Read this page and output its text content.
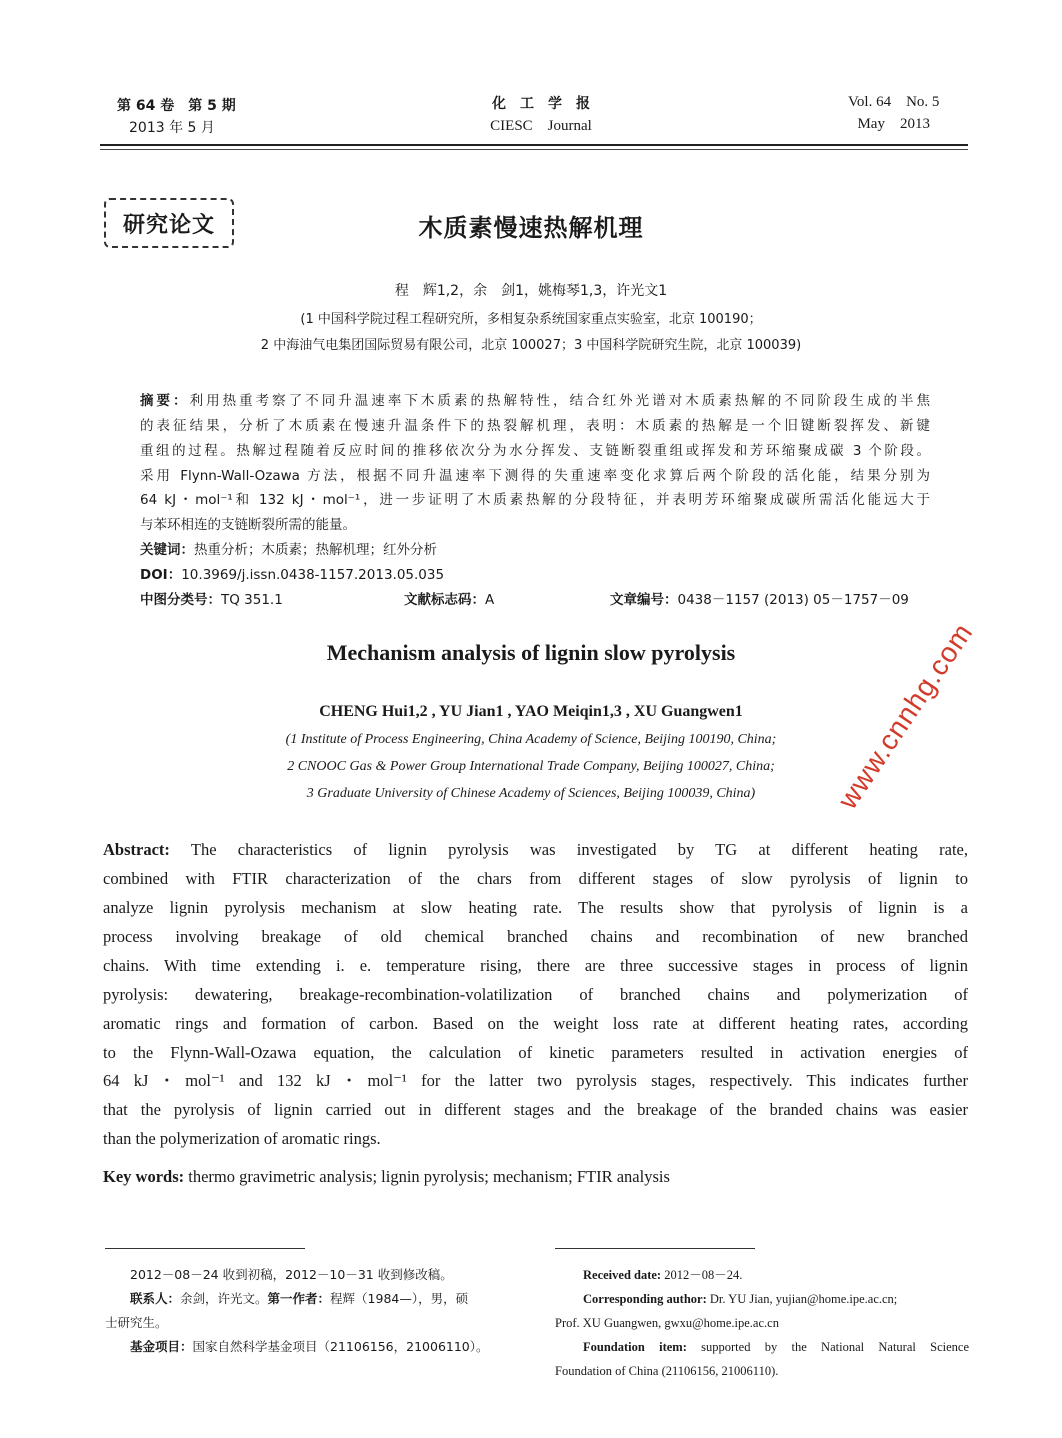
第 64 卷　第 5 期
2013 年 5 月
化　工　学　报
CIESC　Journal
Vol. 64　No. 5
May　2013
研究论文	木质素慢速热解机理
程　辉1,2，余　剑1，姚梅琴1,3，许光文1
(1 中国科学院过程工程研究所，多相复杂系统国家重点实验室，北京 100190；
2 中海油气电集团国际贸易有限公司，北京 100027；3 中国科学院研究生院，北京 100039)
摘要：利用热重考察了不同升温速率下木质素的热解特性，结合红外光谱对木质素热解的不同阶段生成的半焦
的表征结果，分析了木质素在慢速升温条件下的热裂解机理，表明：木质素的热解是一个旧键断裂挥发、新键
重组的过程。热解过程随着反应时间的推移依次分为水分挥发、支链断裂重组或挥发和芳环缩聚成碳 3 个阶段。
采用 Flynn-Wall-Ozawa 方法，根据不同升温速率下测得的失重速率变化求算后两个阶段的活化能，结果分别为
64 kJ・mol⁻¹和 132 kJ・mol⁻¹，进一步证明了木质素热解的分段特征，并表明芳环缩聚成碳所需活化能远大于
与苯环相连的支链断裂所需的能量。
关键词：热重分析；木质素；热解机理；红外分析
DOI：10.3969/j.issn.0438-1157.2013.05.035
中图分类号：TQ 351.1	文献标志码：A	文章编号：0438－1157 (2013) 05－1757－09
Mechanism analysis of lignin slow pyrolysis
CHENG Hui1,2 , YU Jian1 , YAO Meiqin1,3 , XU Guangwen1
(1 Institute of Process Engineering, China Academy of Science, Beijing 100190, China;
2 CNOOC Gas & Power Group International Trade Company, Beijing 100027, China;
3 Graduate University of Chinese Academy of Sciences, Beijing 100039, China)
Abstract: The characteristics of lignin pyrolysis was investigated by TG at different heating rate,
combined with FTIR characterization of the chars from different stages of slow pyrolysis of lignin to
analyze lignin pyrolysis mechanism at slow heating rate. The results show that pyrolysis of lignin is a
process involving breakage of old chemical branched chains and recombination of new branched
chains. With time extending i. e. temperature rising, there are three successive stages in process of lignin
pyrolysis: dewatering, breakage-recombination-volatilization of branched chains and polymerization of
aromatic rings and formation of carbon. Based on the weight loss rate at different heating rates, according
to the Flynn-Wall-Ozawa equation, the calculation of kinetic parameters resulted in activation energies of
64 kJ・mol⁻¹ and 132 kJ・mol⁻¹ for the latter two pyrolysis stages, respectively. This indicates further
that the pyrolysis of lignin carried out in different stages and the breakage of the branded chains was easier
than the polymerization of aromatic rings.
Key words: thermo gravimetric analysis; lignin pyrolysis; mechanism; FTIR analysis
2012－08－24 收到初稿，2012－10－31 收到修改稿。
联系人：余剑，许光文。第一作者：程辉（1984—），男，硕
士研究生。
基金项目：国家自然科学基金项目（21106156，21006110）。
Received date: 2012－08－24.
Corresponding author: Dr. YU Jian, yujian@home.ipe.ac.cn;
Prof. XU Guangwen, gwxu@home.ipe.ac.cn
Foundation item: supported by the National Natural Science
Foundation of China (21106156, 21006110).
www.cnnhg.com
